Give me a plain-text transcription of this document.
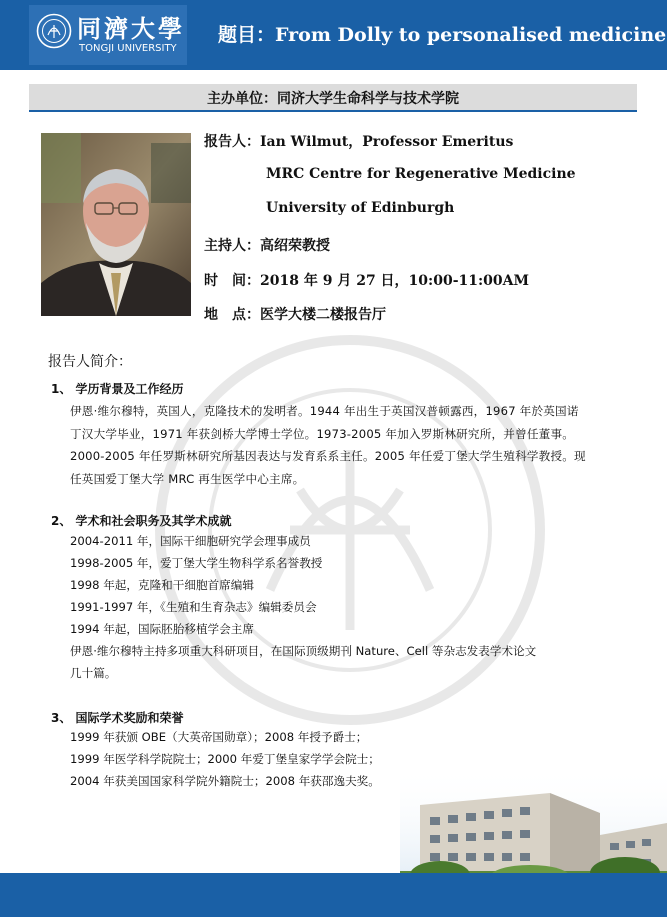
同濟大學
TONGJI UNIVERSITY
题目：From Dolly to personalised medicine
主办单位：同济大学生命科学与技术学院
报告人：Ian Wilmut，Professor Emeritus
MRC Centre for Regenerative Medicine
University of Edinburgh
主持人：高绍荣教授
时　间：2018 年 9 月 27 日，10:00-11:00AM
地　点：医学大楼二楼报告厅
报告人简介：
1、 学历背景及工作经历
伊恩·维尔穆特，英国人，克隆技术的发明者。1944 年出生于英国汉普顿露西，1967 年於英国诺丁汉大学毕业，1971 年获剑桥大学博士学位。1973-2005 年加入罗斯林研究所，并曾任董事。2000-2005 年任罗斯林研究所基因表达与发育系系主任。2005 年任爱丁堡大学生殖科学教授。现任英国爱丁堡大学 MRC 再生医学中心主席。
2、 学术和社会职务及其学术成就
2004-2011 年，国际干细胞研究学会理事成员
1998-2005 年，爱丁堡大学生物科学系名誉教授
1998 年起，克隆和干细胞首席编辑
1991-1997 年，《生殖和生育杂志》编辑委员会
1994 年起，国际胚胎移植学会主席
伊恩·维尔穆特主持多项重大科研项目，在国际顶级期刊 Nature、Cell 等杂志发表学术论文
几十篇。
3、 国际学术奖励和荣誉
1999 年获颁 OBE（大英帝国勋章）；2008 年授予爵士；
1999 年医学科学院院士；2000 年爱丁堡皇家学学会院士；
2004 年获美国国家科学院外籍院士；2008 年获邵逸夫奖。
